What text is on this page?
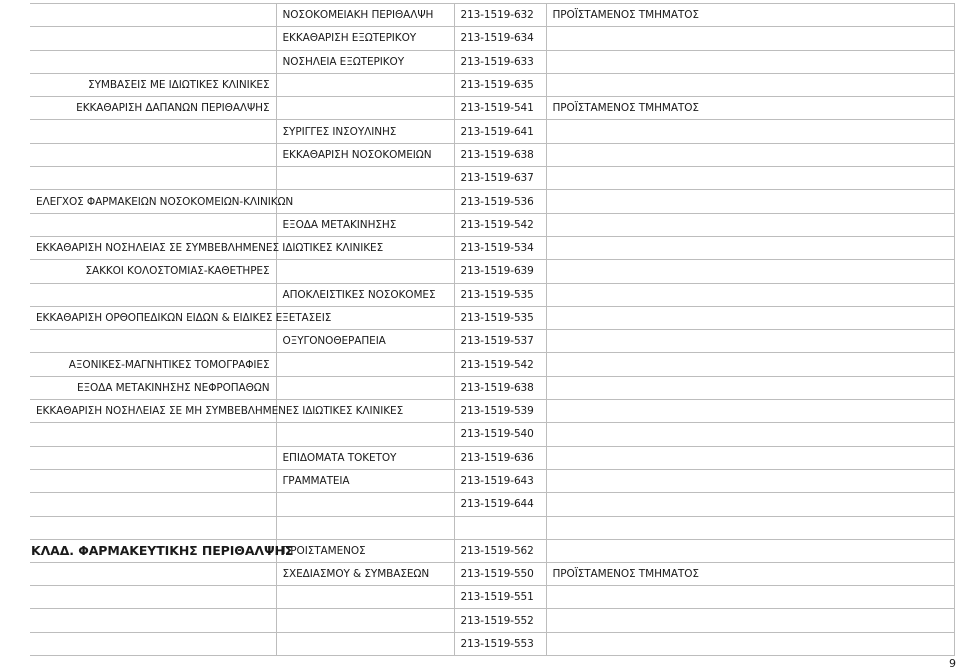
	ΝΟΣΟΚΟΜΕΙΑΚΗ ΠΕΡΙΘΑΛΨΗ	213-1519-632	ΠΡΟΪΣΤΑΜΕΝΟΣ ΤΜΗΜΑΤΟΣ
	ΕΚΚΑΘΑΡΙΣΗ ΕΞΩΤΕΡΙΚΟΥ	213-1519-634	
	ΝΟΣΗΛΕΙΑ ΕΞΩΤΕΡΙΚΟΥ	213-1519-633	
ΣΥΜΒΑΣΕΙΣ ΜΕ ΙΔΙΩΤΙΚΕΣ ΚΛΙΝΙΚΕΣ		213-1519-635	
ΕΚΚΑΘΑΡΙΣΗ ΔΑΠΑΝΩΝ ΠΕΡΙΘΑΛΨΗΣ		213-1519-541	ΠΡΟΪΣΤΑΜΕΝΟΣ ΤΜΗΜΑΤΟΣ
	ΣΥΡΙΓΓΕΣ ΙΝΣΟΥΛΙΝΗΣ	213-1519-641	
	ΕΚΚΑΘΑΡΙΣΗ ΝΟΣΟΚΟΜΕΙΩΝ	213-1519-638	
		213-1519-637	
ΕΛΕΓΧΟΣ ΦΑΡΜΑΚΕΙΩΝ ΝΟΣΟΚΟΜΕΙΩΝ-ΚΛΙΝΙΚΩΝ		213-1519-536	
	ΕΞΟΔΑ ΜΕΤΑΚΙΝΗΣΗΣ	213-1519-542	
ΕΚΚΑΘΑΡΙΣΗ ΝΟΣΗΛΕΙΑΣ ΣΕ ΣΥΜΒΕΒΛΗΜΕΝΕΣ ΙΔΙΩΤΙΚΕΣ ΚΛΙΝΙΚΕΣ		213-1519-534	
ΣΑΚΚΟΙ ΚΟΛΟΣΤΟΜΙΑΣ-ΚΑΘΕΤΗΡΕΣ		213-1519-639	
	ΑΠΟΚΛΕΙΣΤΙΚΕΣ ΝΟΣΟΚΟΜΕΣ	213-1519-535	
ΕΚΚΑΘΑΡΙΣΗ ΟΡΘΟΠΕΔΙΚΩΝ ΕΙΔΩΝ & ΕΙΔΙΚΕΣ ΕΞΕΤΑΣΕΙΣ		213-1519-535	
	ΟΞΥΓΟΝΟΘΕΡΑΠΕΙΑ	213-1519-537	
ΑΞΟΝΙΚΕΣ-ΜΑΓΝΗΤΙΚΕΣ ΤΟΜΟΓΡΑΦΙΕΣ		213-1519-542	
ΕΞΟΔΑ ΜΕΤΑΚΙΝΗΣΗΣ ΝΕΦΡΟΠΑΘΩΝ		213-1519-638	
ΕΚΚΑΘΑΡΙΣΗ ΝΟΣΗΛΕΙΑΣ ΣΕ ΜΗ ΣΥΜΒΕΒΛΗΜΕΝΕΣ ΙΔΙΩΤΙΚΕΣ ΚΛΙΝΙΚΕΣ		213-1519-539	
		213-1519-540	
	ΕΠΙΔΟΜΑΤΑ ΤΟΚΕΤΟΥ	213-1519-636	
	ΓΡΑΜΜΑΤΕΙΑ	213-1519-643	
		213-1519-644	

ΚΛΑΔ. ΦΑΡΜΑΚΕΥΤΙΚΗΣ ΠΕΡΙΘΑΛΨΗΣ	ΠΡΟΙΣΤΑΜΕΝΟΣ	213-1519-562	
	ΣΧΕΔΙΑΣΜΟΥ & ΣΥΜΒΑΣΕΩΝ	213-1519-550	ΠΡΟΪΣΤΑΜΕΝΟΣ ΤΜΗΜΑΤΟΣ
		213-1519-551	
		213-1519-552	
		213-1519-553	
9
